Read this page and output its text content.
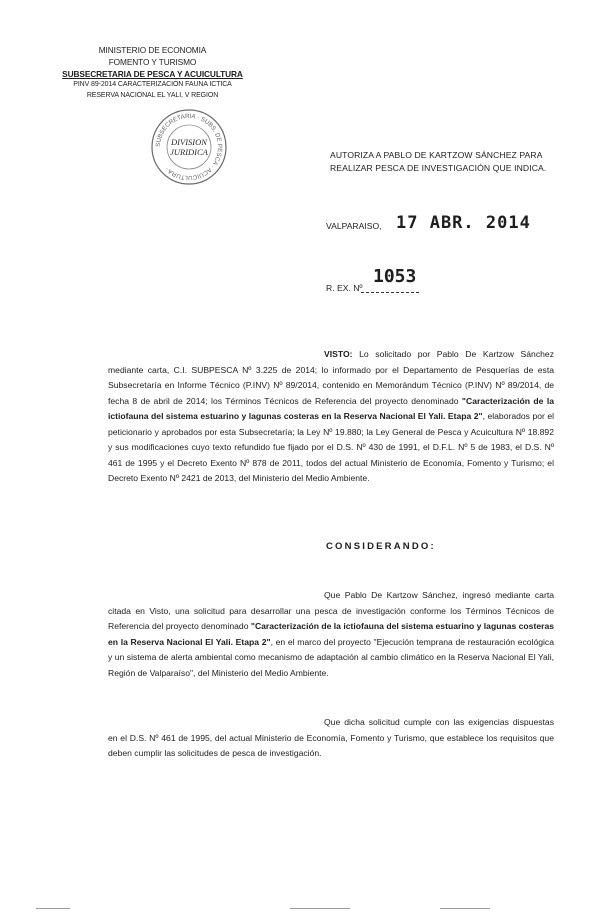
MINISTERIO DE ECONOMIA
FOMENTO Y TURISMO
SUBSECRETARIA DE PESCA Y ACUICULTURA
PINV 89-2014 CARACTERIZACIÓN FAUNA ICTICA
RESERVA NACIONAL EL YALI, V REGION
SUBSECRETARIA · SUBS. DE PESCA · ACUICULTURA ·
DIVISION
JURIDICA	AUTORIZA A PABLO DE KARTZOW SÁNCHEZ PARA
REALIZAR PESCA DE INVESTIGACIÓN QUE INDICA.
VALPARAISO, 17 ABR. 2014
1053
R. EX. Nº
VISTO: Lo solicitado por Pablo De Kartzow Sánchez mediante carta, C.I. SUBPESCA Nº 3.225 de 2014; lo informado por el Departamento de Pesquerías de esta Subsecretaría en Informe Técnico (P.INV) Nº 89/2014, contenido en Memorándum Técnico (P.INV) Nº 89/2014, de fecha 8 de abril de 2014; los Términos Técnicos de Referencia del proyecto denominado "Caracterización de la ictiofauna del sistema estuarino y lagunas costeras en la Reserva Nacional El Yali. Etapa 2", elaborados por el peticionario y aprobados por esta Subsecretaría; la Ley Nº 19.880; la Ley General de Pesca y Acuicultura Nº 18.892 y sus modificaciones cuyo texto refundido fue fijado por el D.S. Nº 430 de 1991, el D.F.L. Nº 5 de 1983, el D.S. Nº 461 de 1995 y el Decreto Exento Nº 878 de 2011, todos del actual Ministerio de Economía, Fomento y Turismo; el Decreto Exento Nº 2421 de 2013, del Ministerio del Medio Ambiente.
CONSIDERANDO:
Que Pablo De Kartzow Sánchez, ingresó mediante carta citada en Visto, una solicitud para desarrollar una pesca de investigación conforme los Términos Técnicos de Referencia del proyecto denominado "Caracterización de la ictiofauna del sistema estuarino y lagunas costeras en la Reserva Nacional El Yali. Etapa 2", en el marco del proyecto "Ejecución temprana de restauración ecológica y un sistema de alerta ambiental como mecanismo de adaptación al cambio climático en la Reserva Nacional El Yali, Región de Valparaíso", del Ministerio del Medio Ambiente.
Que dicha solicitud cumple con las exigencias dispuestas en el D.S. Nº 461 de 1995, del actual Ministerio de Economía, Fomento y Turismo, que establece los requisitos que deben cumplir las solicitudes de pesca de investigación.
